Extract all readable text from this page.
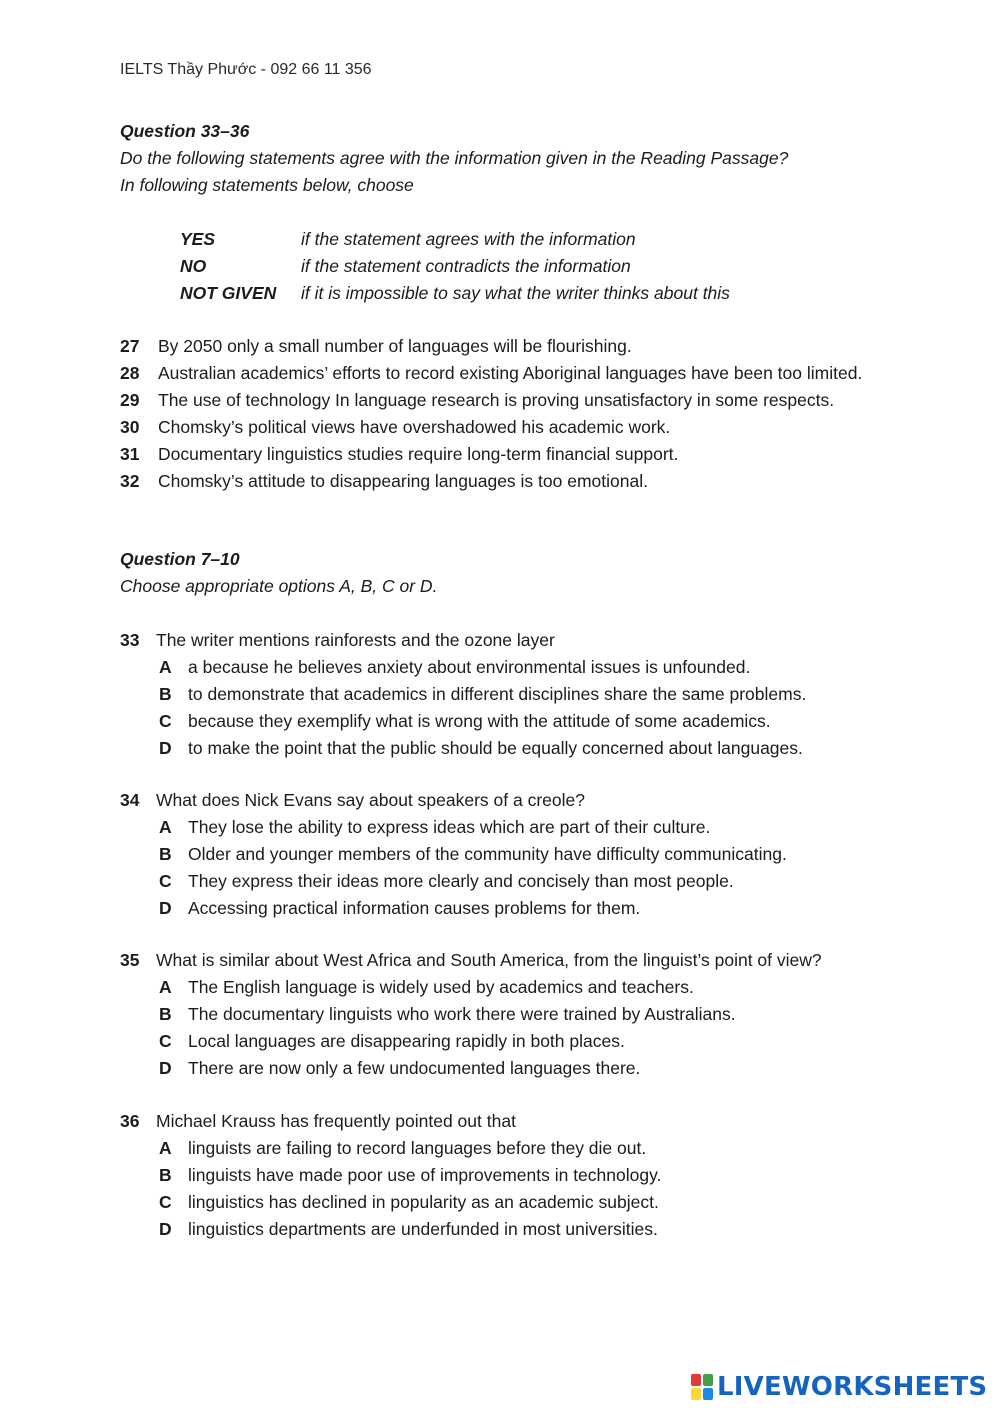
IELTS Thầy Phước - 092 66 11 356
Question 33–36
Do the following statements agree with the information given in the Reading Passage?
In following statements below, choose
YES	if the statement agrees with the information
NO	if the statement contradicts the information
NOT GIVEN	if it is impossible to say what the writer thinks about this
27	By 2050 only a small number of languages will be flourishing.
28	Australian academics’ efforts to record existing Aboriginal languages have been too limited.
29	The use of technology In language research is proving unsatisfactory in some respects.
30	Chomsky’s political views have overshadowed his academic work.
31	Documentary linguistics studies require long-term financial support.
32	Chomsky’s attitude to disappearing languages is too emotional.
Question 7–10
Choose appropriate options A, B, C or D.
33 The writer mentions rainforests and the ozone layer
A a because he believes anxiety about environmental issues is unfounded.
B to demonstrate that academics in different disciplines share the same problems.
C because they exemplify what is wrong with the attitude of some academics.
D to make the point that the public should be equally concerned about languages.
34 What does Nick Evans say about speakers of a creole?
A They lose the ability to express ideas which are part of their culture.
B Older and younger members of the community have difficulty communicating.
C They express their ideas more clearly and concisely than most people.
D Accessing practical information causes problems for them.
35 What is similar about West Africa and South America, from the linguist’s point of view?
A The English language is widely used by academics and teachers.
B The documentary linguists who work there were trained by Australians.
C Local languages are disappearing rapidly in both places.
D There are now only a few undocumented languages there.
36 Michael Krauss has frequently pointed out that
A linguists are failing to record languages before they die out.
B linguists have made poor use of improvements in technology.
C linguistics has declined in popularity as an academic subject.
D linguistics departments are underfunded in most universities.
LIVEWORKSHEETS
